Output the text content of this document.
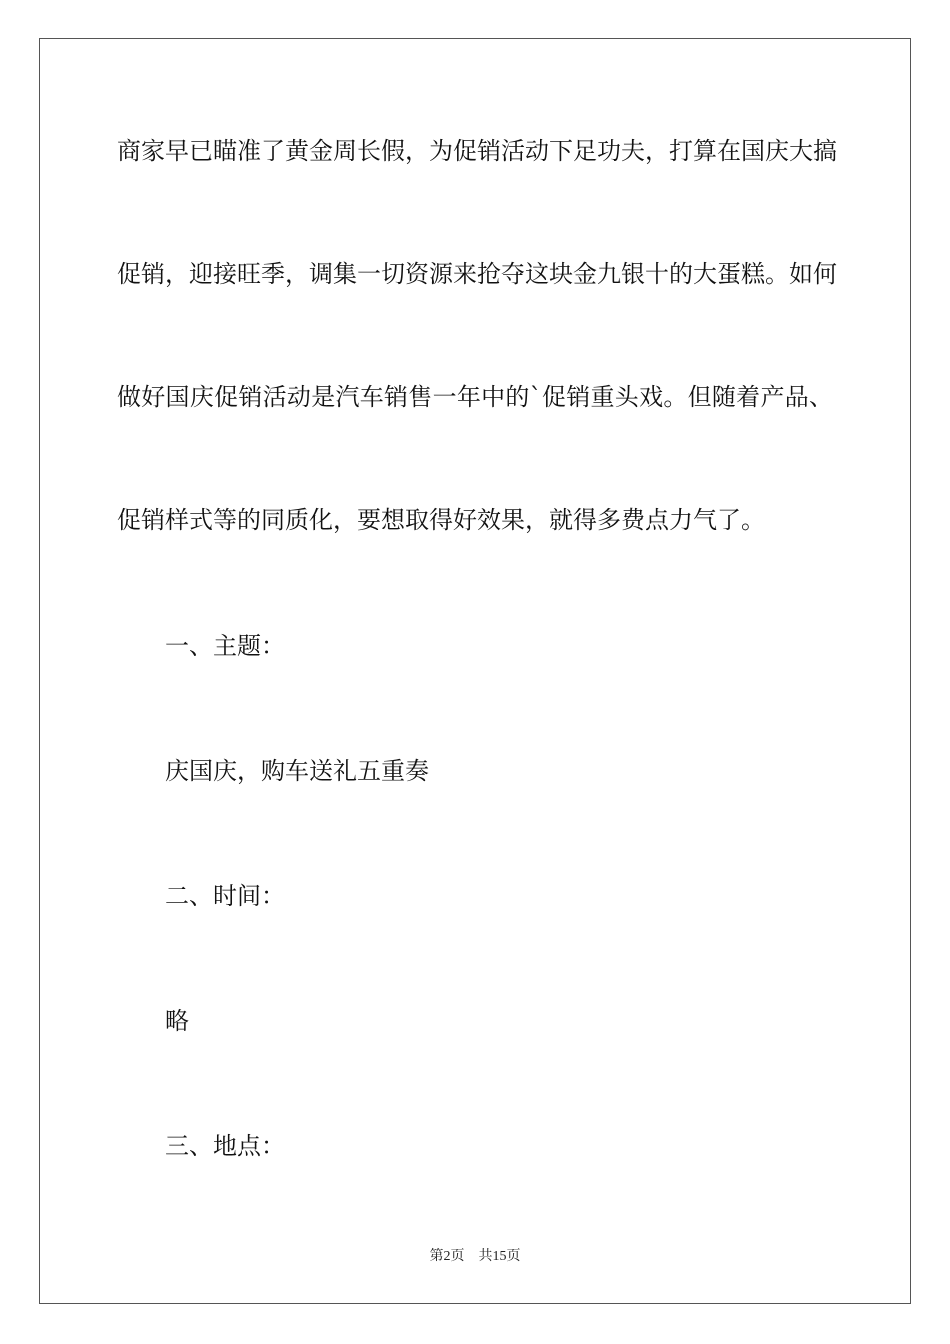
商家早已瞄准了黄金周长假，为促销活动下足功夫，打算在国庆大搞
促销，迎接旺季，调集一切资源来抢夺这块金九银十的大蛋糕。如何
做好国庆促销活动是汽车销售一年中的`促销重头戏。但随着产品、
促销样式等的同质化，要想取得好效果，就得多费点力气了。
一、主题：
庆国庆，购车送礼五重奏
二、时间：
略
三、地点：
第2页 共15页
